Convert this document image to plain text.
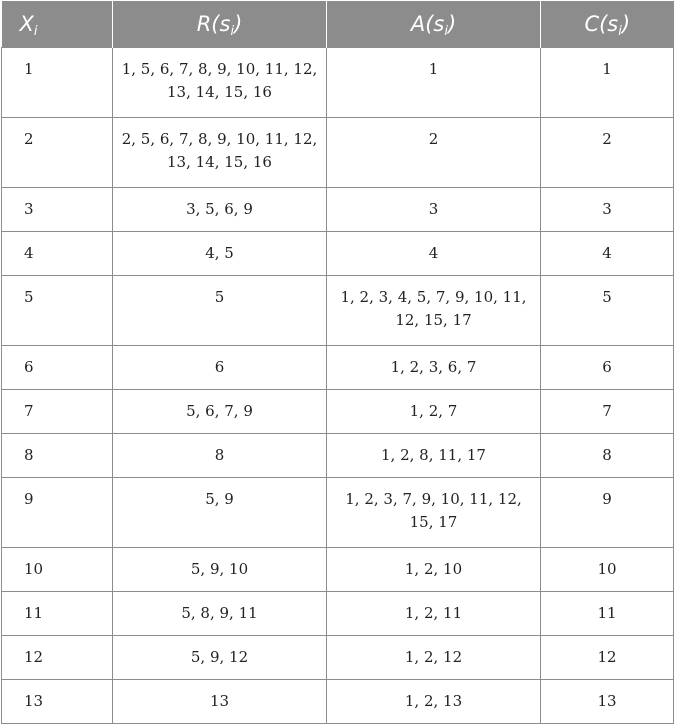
$X_i$	$R(s_i)$	$A(s_i)$	$C(s_i)$
1	1, 5, 6, 7, 8, 9, 10, 11, 12, 13, 14, 15, 16	1	1
2	2, 5, 6, 7, 8, 9, 10, 11, 12, 13, 14, 15, 16	2	2
3	3, 5, 6, 9	3	3
4	4, 5	4	4
5	5	1, 2, 3, 4, 5, 7, 9, 10, 11, 12, 15, 17	5
6	6	1, 2, 3, 6, 7	6
7	5, 6, 7, 9	1, 2, 7	7
8	8	1, 2, 8, 11, 17	8
9	5, 9	1, 2, 3, 7, 9, 10, 11, 12, 15, 17	9
10	5, 9, 10	1, 2, 10	10
11	5, 8, 9, 11	1, 2, 11	11
12	5, 9, 12	1, 2, 12	12
13	13	1, 2, 13	13
